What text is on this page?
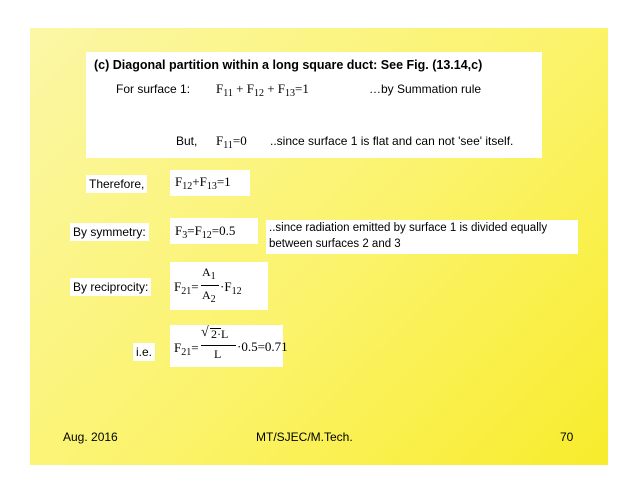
(c) Diagonal partition within a long square duct: See Fig. (13.14,c)
For surface 1: $F_{11} + F_{12} + F_{13}=1$	…by Summation rule
But, $F_{11}=0$ ..since surface 1 is flat and can not 'see' itself.
Therefore, $F_{12}+F_{13}=1$
By symmetry: $F_3=F_{12}=0.5$	..since radiation emitted by surface 1 is divided equally
between surfaces 2 and 3
By reciprocity: $F_{21}=$
$A_1$
$A_2$
$\cdot F_{12}$
i.e. $F_{21}=$
√ 2·L
L ·0.5=0.71
Aug. 2016	MT/SJEC/M.Tech.	70
